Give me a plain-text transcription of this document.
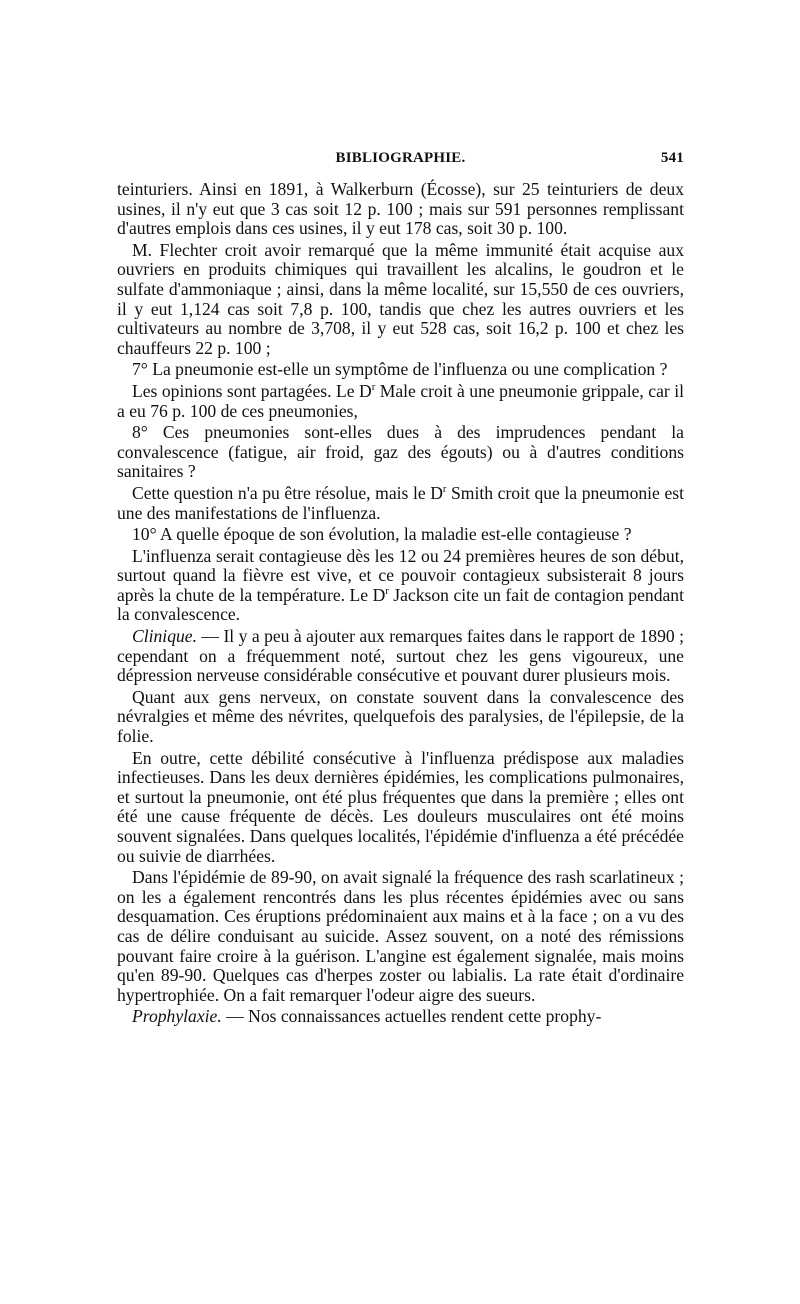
BIBLIOGRAPHIE.	541

teinturiers. Ainsi en 1891, à Walkerburn (Écosse), sur 25 teinturiers de deux usines, il n'y eut que 3 cas soit 12 p. 100 ; mais sur 591 personnes remplissant d'autres emplois dans ces usines, il y eut 178 cas, soit 30 p. 100.

M. Flechter croit avoir remarqué que la même immunité était acquise aux ouvriers en produits chimiques qui travaillent les alcalins, le goudron et le sulfate d'ammoniaque ; ainsi, dans la même localité, sur 15,550 de ces ouvriers, il y eut 1,124 cas soit 7,8 p. 100, tandis que chez les autres ouvriers et les cultivateurs au nombre de 3,708, il y eut 528 cas, soit 16,2 p. 100 et chez les chauffeurs 22 p. 100 ;

7° La pneumonie est-elle un symptôme de l'influenza ou une complication ?

Les opinions sont partagées. Le $D^r$ Male croit à une pneumonie grippale, car il a eu 76 p. 100 de ces pneumonies,

8° Ces pneumonies sont-elles dues à des imprudences pendant la convalescence (fatigue, air froid, gaz des égouts) ou à d'autres conditions sanitaires ?

Cette question n'a pu être résolue, mais le $D^r$ Smith croit que la pneumonie est une des manifestations de l'influenza.

10° A quelle époque de son évolution, la maladie est-elle contagieuse ?

L'influenza serait contagieuse dès les 12 ou 24 premières heures de son début, surtout quand la fièvre est vive, et ce pouvoir contagieux subsisterait 8 jours après la chute de la température. Le $D^r$ Jackson cite un fait de contagion pendant la convalescence.

Clinique. — Il y a peu à ajouter aux remarques faites dans le rapport de 1890 ; cependant on a fréquemment noté, surtout chez les gens vigoureux, une dépression nerveuse considérable consécutive et pouvant durer plusieurs mois.

Quant aux gens nerveux, on constate souvent dans la convalescence des névralgies et même des névrites, quelquefois des paralysies, de l'épilepsie, de la folie.

En outre, cette débilité consécutive à l'influenza prédispose aux maladies infectieuses. Dans les deux dernières épidémies, les complications pulmonaires, et surtout la pneumonie, ont été plus fréquentes que dans la première ; elles ont été une cause fréquente de décès. Les douleurs musculaires ont été moins souvent signalées. Dans quelques localités, l'épidémie d'influenza a été précédée ou suivie de diarrhées.

Dans l'épidémie de 89-90, on avait signalé la fréquence des rash scarlatineux ; on les a également rencontrés dans les plus récentes épidémies avec ou sans desquamation. Ces éruptions prédominaient aux mains et à la face ; on a vu des cas de délire conduisant au suicide. Assez souvent, on a noté des rémissions pouvant faire croire à la guérison. L'angine est également signalée, mais moins qu'en 89-90. Quelques cas d'herpes zoster ou labialis. La rate était d'ordinaire hypertrophiée. On a fait remarquer l'odeur aigre des sueurs.

Prophylaxie. — Nos connaissances actuelles rendent cette prophy-
